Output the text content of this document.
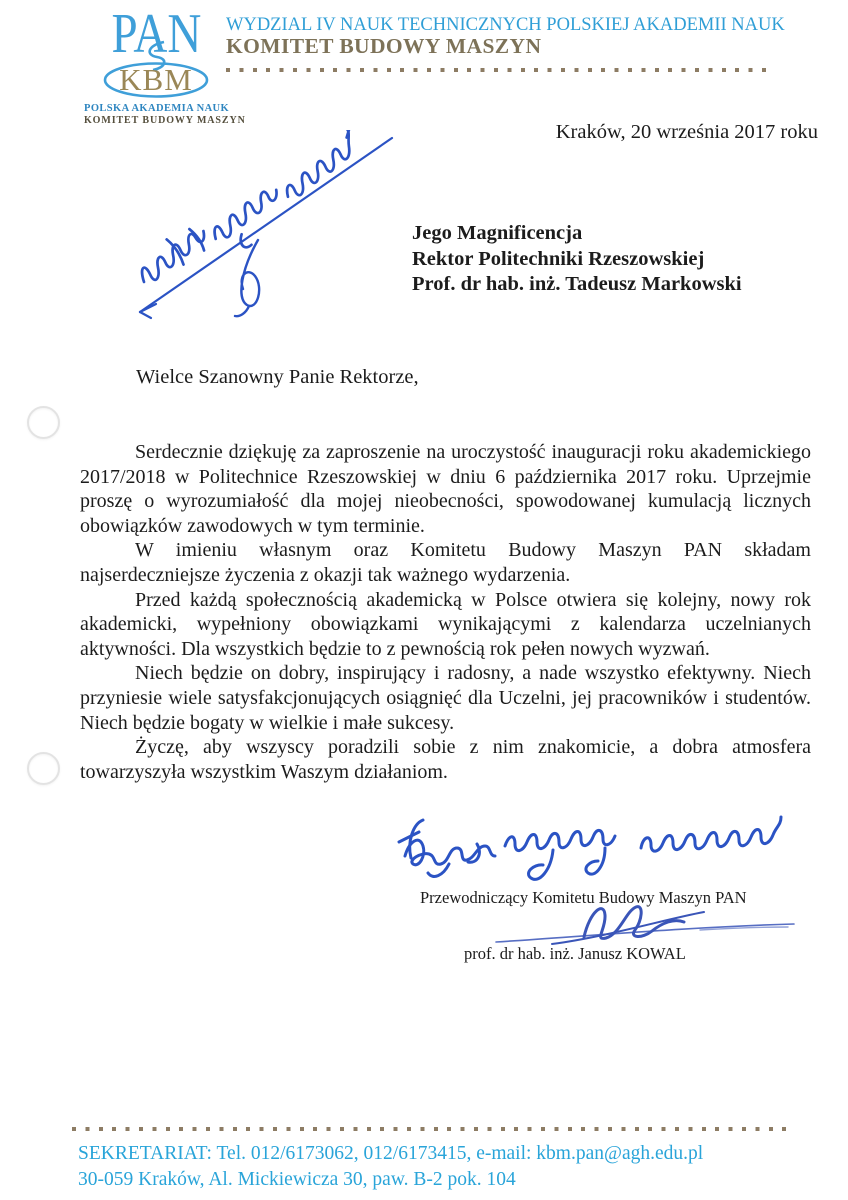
PAN
KBM
POLSKA AKADEMIA NAUK
KOMITET BUDOWY MASZYN
WYDZIAL IV NAUK TECHNICZNYCH POLSKIEJ AKADEMII NAUK
KOMITET BUDOWY MASZYN
Kraków, 20 września 2017 roku
Jego Magnificencja
Rektor Politechniki Rzeszowskiej
Prof. dr hab. inż. Tadeusz Markowski
Wielce Szanowny Panie Rektorze,

Serdecznie dziękuję za zaproszenie na uroczystość inauguracji roku akademickiego 2017/2018 w Politechnice Rzeszowskiej w dniu 6 października 2017 roku. Uprzejmie proszę o wyrozumiałość dla mojej nieobecności, spowodowanej kumulacją licznych obowiązków zawodowych w tym terminie.

W imieniu własnym oraz Komitetu Budowy Maszyn PAN składam najserdeczniejsze życzenia z okazji tak ważnego wydarzenia.

Przed każdą społecznością akademicką w Polsce otwiera się kolejny, nowy rok akademicki, wypełniony obowiązkami wynikającymi z kalendarza uczelnianych aktywności. Dla wszystkich będzie to z pewnością rok pełen nowych wyzwań.

Niech będzie on dobry, inspirujący i radosny, a nade wszystko efektywny. Niech przyniesie wiele satysfakcjonujących osiągnięć dla Uczelni, jej pracowników i studentów. Niech będzie bogaty w wielkie i małe sukcesy.

Życzę, aby wszyscy poradzili sobie z nim znakomicie, a dobra atmosfera towarzyszyła wszystkim Waszym działaniom.

Przewodniczący Komitetu Budowy Maszyn PAN
prof. dr hab. inż. Janusz KOWAL
SEKRETARIAT: Tel. 012/6173062, 012/6173415, e-mail: kbm.pan@agh.edu.pl
30-059 Kraków, Al. Mickiewicza 30, paw. B-2 pok. 104
